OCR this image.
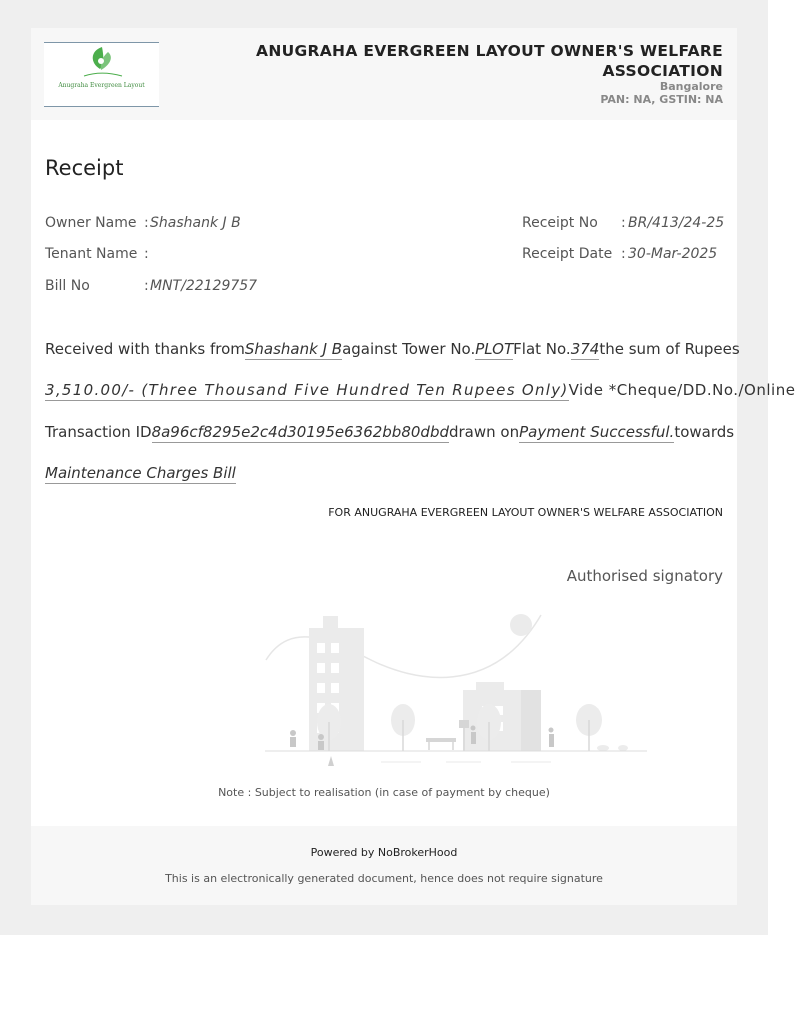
Anugraha Evergreen Layout
ANUGRAHA EVERGREEN LAYOUT OWNER'S WELFARE ASSOCIATION
Bangalore
PAN: NA, GSTIN: NA
Receipt
Owner Name : Shashank J B
Tenant Name :
Bill No	: MNT/22129757
Receipt No : BR/413/24-25
Receipt Date : 30-Mar-2025
Received with thanks from Shashank J B against Tower No. PLOT Flat No. 374 the sum of Rupees
3,510.00/- (Three Thousand Five Hundred Ten Rupees Only) Vide *Cheque/DD.No./Online
Transaction ID 8a96cf8295e2c4d30195e6362bb80dbd drawn on Payment Successful. towards
Maintenance Charges Bill
FOR ANUGRAHA EVERGREEN LAYOUT OWNER'S WELFARE ASSOCIATION
Authorised signatory
Note : Subject to realisation (in case of payment by cheque)
Powered by NoBrokerHood
This is an electronically generated document, hence does not require signature
